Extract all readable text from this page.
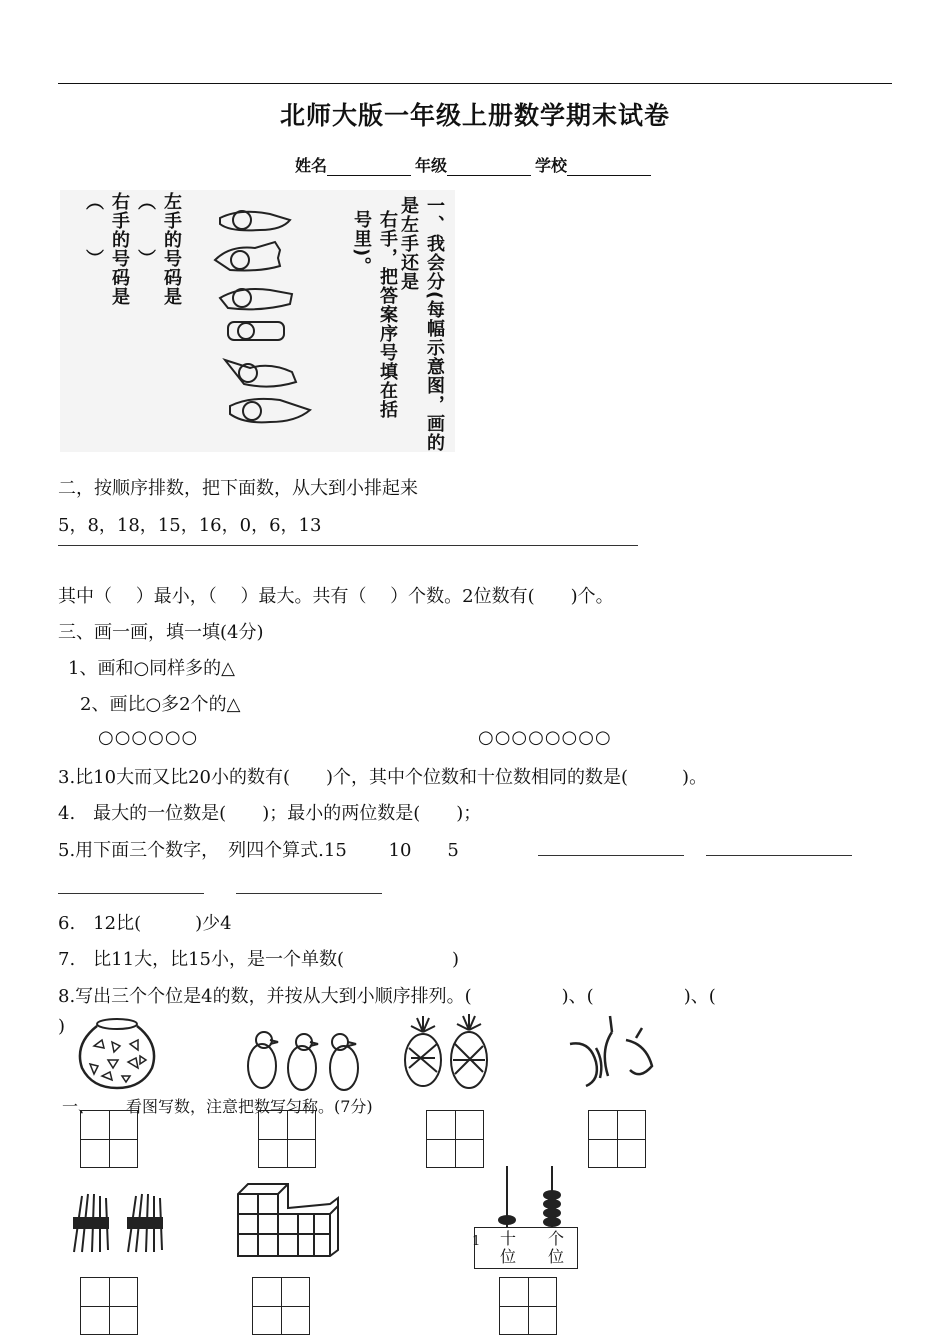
北师大版一年级上册数学期末试卷
姓名	年级	学校
一、我会分(每幅示意图，画的是左手还是
右手，把答案序号填在括号里)。
左手的号码是（　　）
右手的号码是（　　）
二，按顺序排数，把下面数，从大到小排起来
5，8，18，15，16，0，6，13
其中（　 ）最小，（　 ）最大。共有（　 ）个数。2位数有(　　)个。
三、画一画，填一填(4分)
1、画和○同样多的△
2、画比○多2个的△
○○○○○○	○○○○○○○○
3.比10大而又比20小的数有(　　)个，其中个位数和十位数相同的数是(　　　)。
4.　最大的一位数是(　　)；最小的两位数是(　　)；
5.用下面三个数字，　列四个算式.15　　 10　　5
6.　12比(　　　)少4
7.　比11大，比15小，是一个单数(　　　　　　)
8.写出三个个位是4的数，并按从大到小顺序排列。(　　　　　)、(　　　　　)、(
)
一、 看图写数，注意把数写匀称。(7分)
1 十
位
个
位
